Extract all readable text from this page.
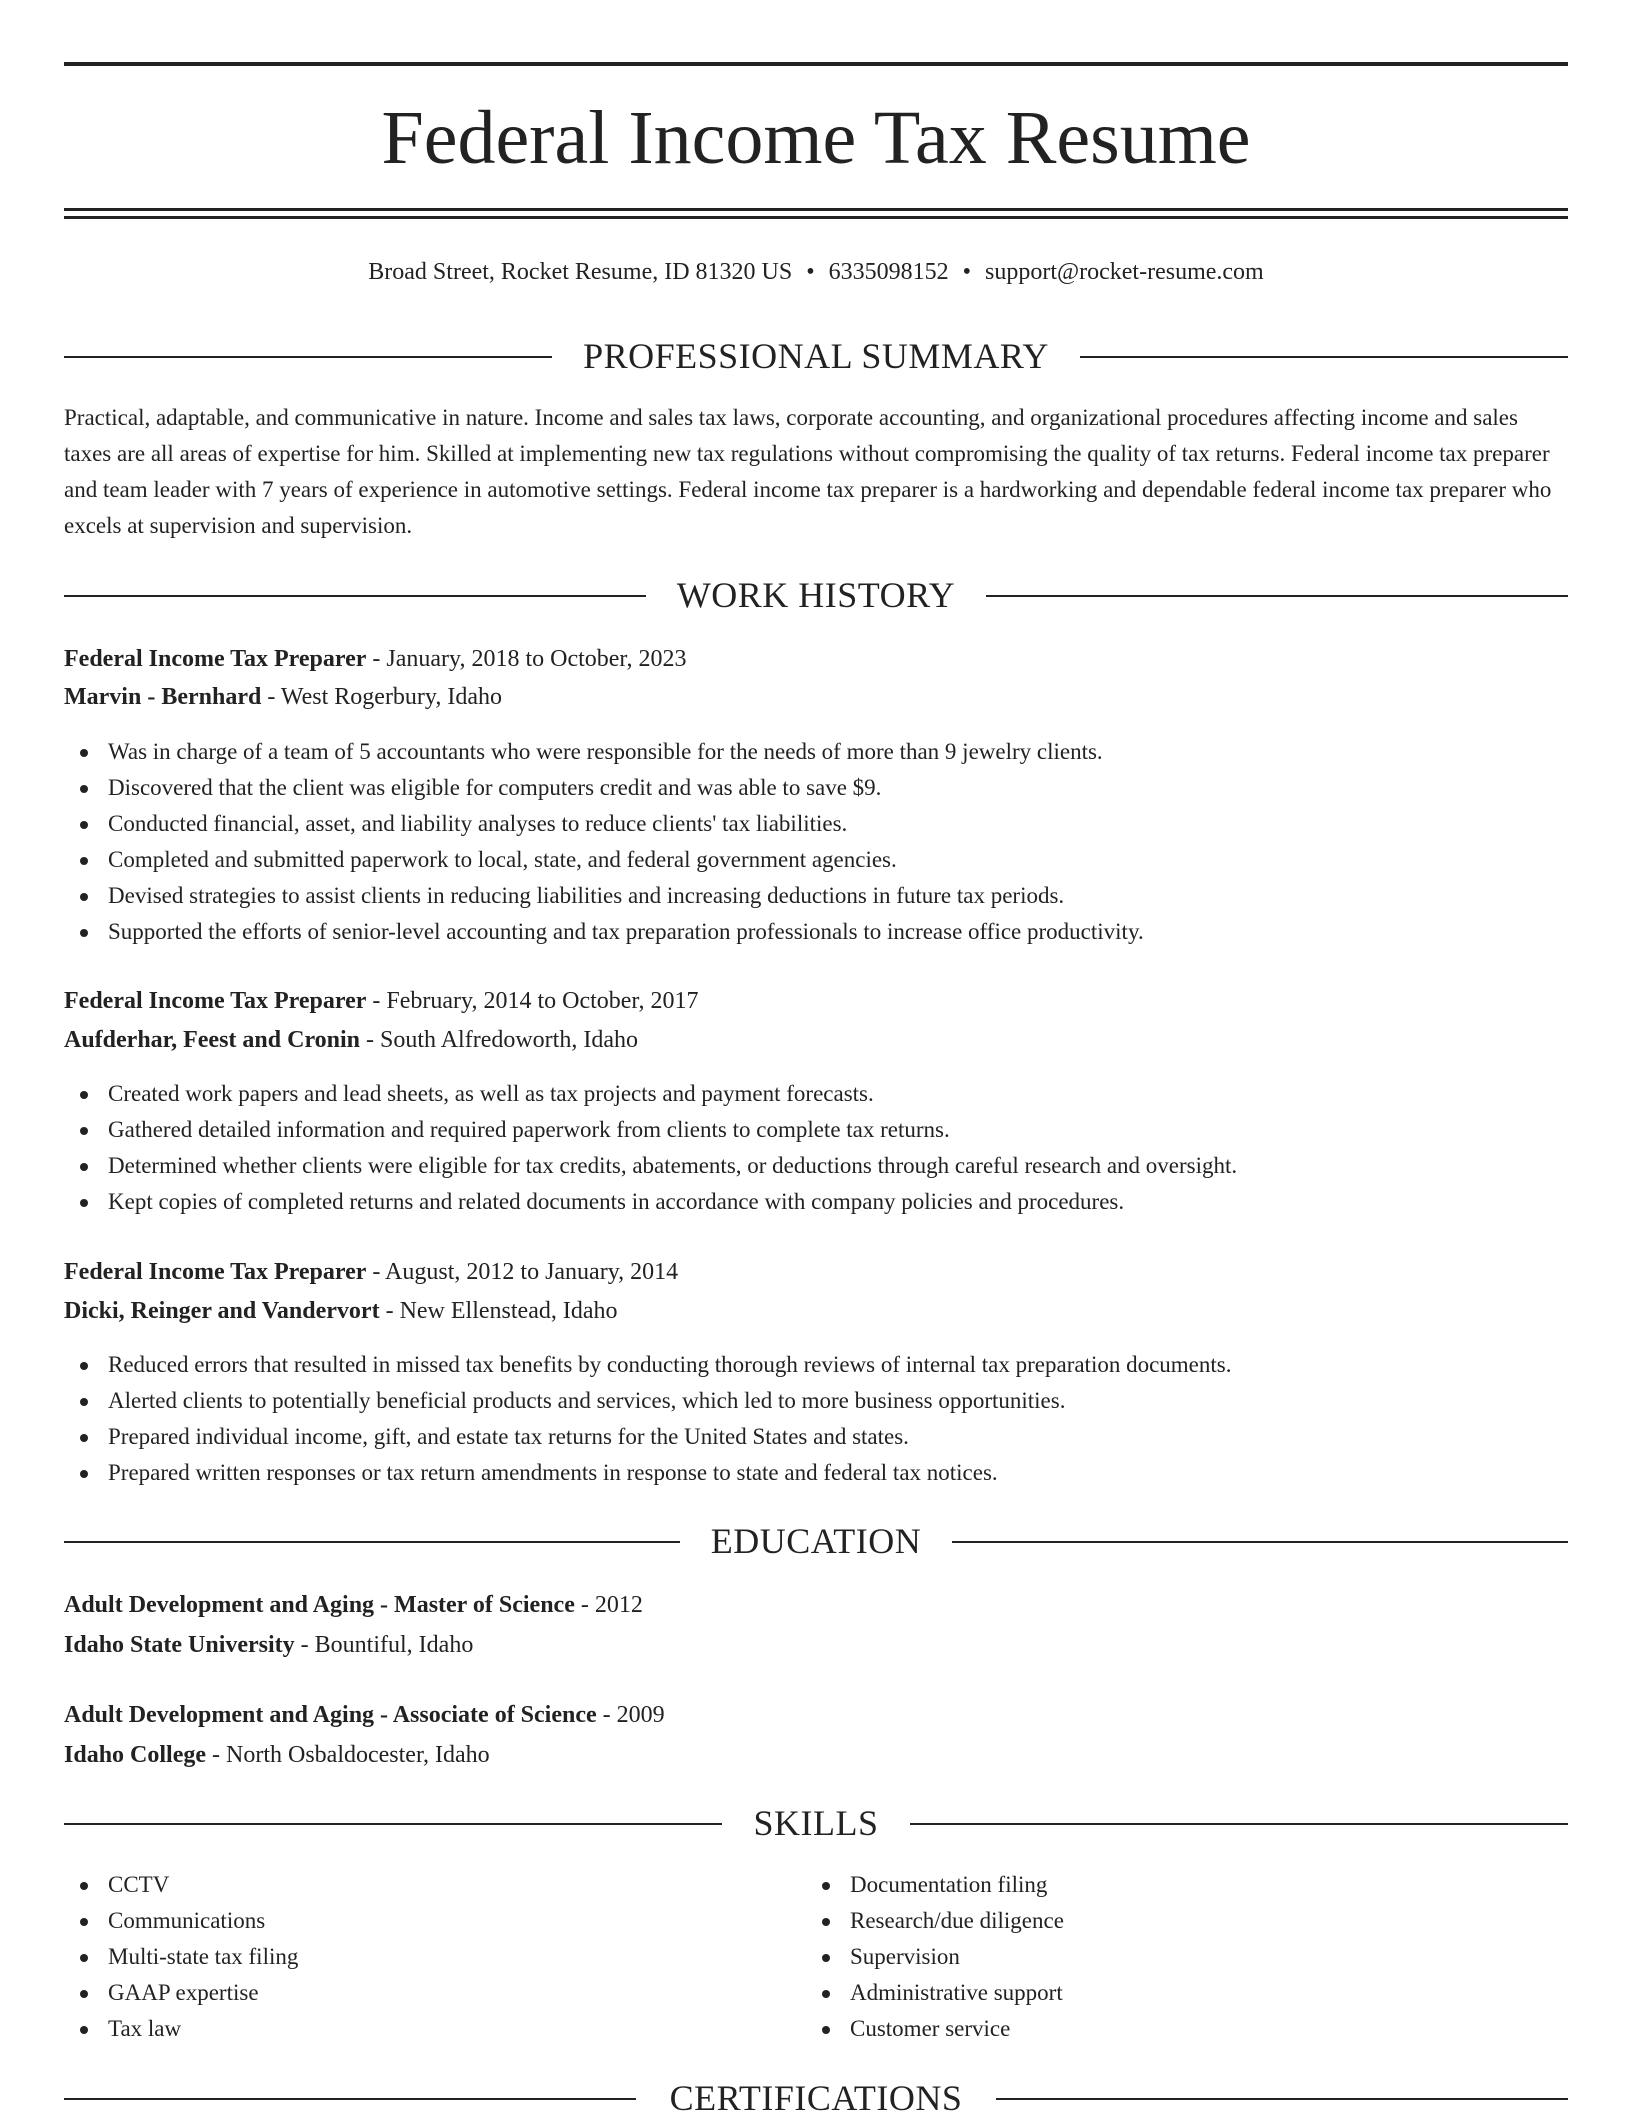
Federal Income Tax Resume
Broad Street, Rocket Resume, ID 81320 US • 6335098152 • support@rocket-resume.com
PROFESSIONAL SUMMARY

Practical, adaptable, and communicative in nature. Income and sales tax laws, corporate accounting, and organizational procedures affecting income and sales taxes are all areas of expertise for him. Skilled at implementing new tax regulations without compromising the quality of tax returns. Federal income tax preparer and team leader with 7 years of experience in automotive settings. Federal income tax preparer is a hardworking and dependable federal income tax preparer who excels at supervision and supervision.

WORK HISTORY
Federal Income Tax Preparer - January, 2018 to October, 2023
Marvin - Bernhard - West Rogerbury, Idaho
Was in charge of a team of 5 accountants who were responsible for the needs of more than 9 jewelry clients.
Discovered that the client was eligible for computers credit and was able to save $9.
Conducted financial, asset, and liability analyses to reduce clients' tax liabilities.
Completed and submitted paperwork to local, state, and federal government agencies.
Devised strategies to assist clients in reducing liabilities and increasing deductions in future tax periods.
Supported the efforts of senior-level accounting and tax preparation professionals to increase office productivity.
Federal Income Tax Preparer - February, 2014 to October, 2017
Aufderhar, Feest and Cronin - South Alfredoworth, Idaho
Created work papers and lead sheets, as well as tax projects and payment forecasts.
Gathered detailed information and required paperwork from clients to complete tax returns.
Determined whether clients were eligible for tax credits, abatements, or deductions through careful research and oversight.
Kept copies of completed returns and related documents in accordance with company policies and procedures.
Federal Income Tax Preparer - August, 2012 to January, 2014
Dicki, Reinger and Vandervort - New Ellenstead, Idaho
Reduced errors that resulted in missed tax benefits by conducting thorough reviews of internal tax preparation documents.
Alerted clients to potentially beneficial products and services, which led to more business opportunities.
Prepared individual income, gift, and estate tax returns for the United States and states.
Prepared written responses or tax return amendments in response to state and federal tax notices.
EDUCATION
Adult Development and Aging - Master of Science - 2012
Idaho State University - Bountiful, Idaho
Adult Development and Aging - Associate of Science - 2009
Idaho College - North Osbaldocester, Idaho
SKILLS
CCTV
Communications
Multi-state tax filing
GAAP expertise
Tax law
Documentation filing
Research/due diligence
Supervision
Administrative support
Customer service
CERTIFICATIONS
